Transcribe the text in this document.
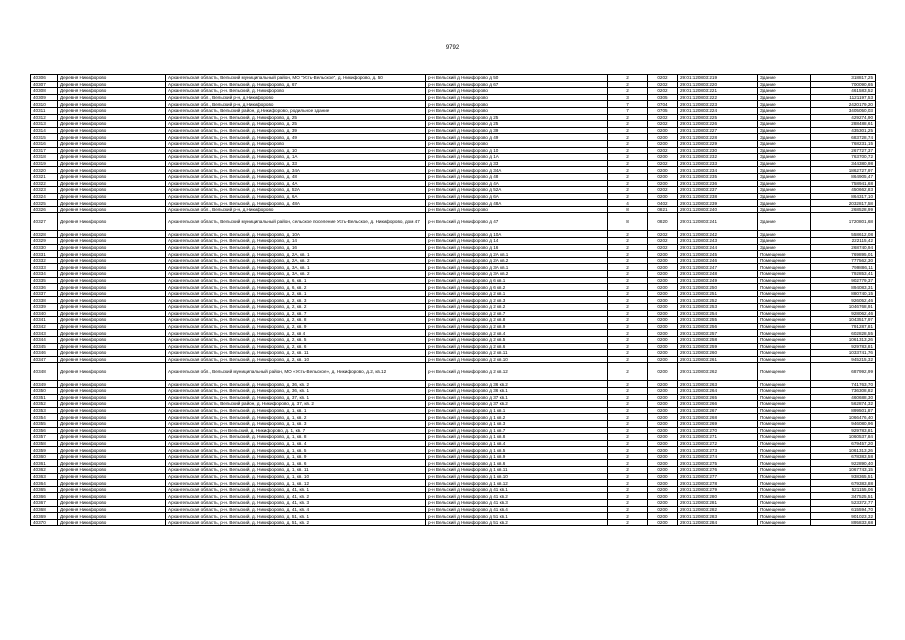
9792
40306	Деревня Никифорово	Архангельская область, Вельский муниципальный район, МО "Усть-Вельское", д. Никифорово, д. 50	р-н Вельский д Никифорово д 50	2	0202	29:01:120803:219	Здание	318817,25
40307	Деревня Никифорово	Архангельская область, р-н. Вельский, д. Никифорово, д. 67	р-н Вельский д Никифорово д 67	2	0202	29:01:120803:220	Здание	700090,65
40308	Деревня Никифорово	Архангельская область, р-н. Вельский, д. Никифорово	р-н Вельский д Никифорово	2	0202	29:01:120803:221	Здание	461583,52
40309	Деревня Никифорово	Архангельская обл., Вельский р-н, д.Никифорово	р-н Вельский д Никифорово	3	0305	29:01:120803:222	Здание	1121197,53
40310	Деревня Никифорово	Архангельская обл., Вельский р-н, д.Никифорово	р-н Вельский д Никифорово	7	0704	29:01:120803:223	Здание	2420179,20
40311	Деревня Никифорово	Архангельская область, Вельский район, д.Никифорово, родильное здание	р-н Вельский д Никифорово	7	0705	29:01:120803:224	Здание	3405050,03
40312	Деревня Никифорово	Архангельская область, р-н. Вельский, д. Никифорово, д. 25	р-н Вельский д Никифорово д 25	2	0202	29:01:120803:225	Здание	429274,90
40313	Деревня Никифорово	Архангельская область, р-н. Вельский, д. Никифорово, д. 25	р-н Вельский д Никифорово д 25	2	0202	29:01:120803:226	Здание	288488,61
40314	Деревня Никифорово	Архангельская область, р-н. Вельский, д. Никифорово, д. 39	р-н Вельский д Никифорово д 39	2	0200	29:01:120803:227	Здание	435301,25
40315	Деревня Никифорово	Архангельская область, р-н. Вельский, д. Никифорово, д. 49	р-н Вельский д Никифорово д 49	2	0200	29:01:120803:228	Здание	683728,74
40316	Деревня Никифорово	Архангельская область, р-н. Вельский, д. Никифорово	р-н Вельский д Никифорово	2	0200	29:01:120803:229	Здание	768231,15
40317	Деревня Никифорово	Архангельская область, р-н. Вельский, д. Никифорово, д. 10	р-н Вельский д Никифорово д 10	2	0202	29:01:120803:230	Здание	267727,37
40318	Деревня Никифорово	Архангельская область, р-н. Вельский, д. Никифорово, д. 1А	р-н Вельский д Никифорово д 1А	2	0200	29:01:120803:232	Здание	763700,72
40319	Деревня Никифорово	Архангельская область, р-н. Вельский, д. Никифорово, д. 33	р-н Вельский д Никифорово д 33	2	0202	29:01:120803:233	Здание	344380,98
40320	Деревня Никифорово	Архангельская область, р-н. Вельский, д. Никифорово, д. 34А	р-н Вельский д Никифорово д 34А	2	0200	29:01:120803:234	Здание	1862727,97
40321	Деревня Никифорово	Архангельская область, р-н. Вельский, д. Никифорово, д. 48	р-н Вельский д Никифорово д 48	2	0200	29:01:120803:235	Здание	864905,47
40322	Деревня Никифорово	Архангельская область, р-н. Вельский, д. Никифорово, д. 4А	р-н Вельский д Никифорово д 4А	2	0200	29:01:120803:236	Здание	758941,68
40323	Деревня Никифорово	Архангельская область, р-н. Вельский, д. Никифорово, д. 52А	р-н Вельский д Никифорово д 52А	2	0202	29:01:120803:237	Здание	450662,83
40324	Деревня Никифорово	Архангельская область, р-н. Вельский, д. Никифорово, д. 6А	р-н Вельский д Никифорово д 6А	2	0200	29:01:120803:238	Здание	864317,10
40325	Деревня Никифорово	Архангельская область, р-н. Вельский, д. Никифорово, д. 48А	р-н Вельский д Никифорово д 48А	4	0402	29:01:120803:239	Здание	2032817,58
40326	Деревня Никифорово	Архангельская обл., Вельский р-н, д.Никифорово	р-н Вельский д Никифорово	8	0821	29:01:120803:240	Здание	268528,99
40327	Деревня Никифорово	Архангельская область, Вельский муниципальный район, сельское поселение Усть-Вельское, д. Никифорово, дом 47	р-н Вельский д Никифорово д 47	8	0820	29:01:120803:241	Здание	1720801,68
40328	Деревня Никифорово	Архангельская область, р-н. Вельский, д. Никифорово, д. 10А	р-н Вельский д Никифорово д 10А	2	0202	29:01:120803:242	Здание	558612,08
40329	Деревня Никифорово	Архангельская область, р-н. Вельский, д. Никифорово, д. 14	р-н Вельский д Никифорово д 14	2	0202	29:01:120803:243	Здание	222115,42
40330	Деревня Никифорово	Архангельская область, р-н. Вельский, д. Никифорово, д. 16	р-н Вельский д Никифорово д 16	2	0202	29:01:120803:244	Здание	268740,94
40331	Деревня Никифорово	Архангельская область, р-н. Вельский, д. Никифорово, д. 2А, кв. 1	р-н Вельский д Никифорово д 2А кв.1	2	0200	29:01:120803:245	Помещение	769895,01
40332	Деревня Никифорово	Архангельская область, р-н. Вельский, д. Никифорово, д. 2А, кв. 2	р-н Вельский д Никифорово д 2А кв.2	2	0200	29:01:120803:246	Помещение	777562,30
40333	Деревня Никифорово	Архангельская область, р-н. Вельский, д. Никифорово, д. 3А, кв. 1	р-н Вельский д Никифорово д 3А кв.1	2	0200	29:01:120803:247	Помещение	799886,11
40334	Деревня Никифорово	Архангельская область, р-н. Вельский, д. Никифорово, д. 3А, кв. 2	р-н Вельский д Никифорово д 3А кв.2	2	0200	29:01:120803:248	Помещение	792853,41
40335	Деревня Никифорово	Архангельская область, р-н. Вельский, д. Никифорово, д. 6, кв. 1	р-н Вельский д Никифорово д 6 кв.1	2	0200	29:01:120803:249	Помещение	902779,37
40336	Деревня Никифорово	Архангельская область, р-н. Вельский, д. Никифорово, д. 6, кв. 2	р-н Вельский д Никифорово д 6 кв.2	2	0200	29:01:120803:250	Помещение	894083,31
40337	Деревня Никифорово	Архангельская область, р-н. Вельский, д. Никифорово, д. 2, кв. 1	р-н Вельский д Никифорово д 2 кв.1	2	0200	29:01:120803:251	Помещение	880740,15
40338	Деревня Никифорово	Архангельская область, р-н. Вельский, д. Никифорово, д. 2, кв. 3	р-н Вельский д Никифорово д 2 кв.3	2	0200	29:01:120803:252	Помещение	926052,46
40339	Деревня Никифорово	Архангельская область, р-н. Вельский, д. Никифорово, д. 2, кв. 2	р-н Вельский д Никифорово д 2 кв.2	2	0200	29:01:120803:253	Помещение	1046768,91
40340	Деревня Никифорово	Архангельская область, р-н. Вельский, д. Никифорово, д. 2, кв. 7	р-н Вельский д Никифорово д 2 кв.7	2	0200	29:01:120803:254	Помещение	928062,46
40341	Деревня Никифорово	Архангельская область, р-н. Вельский, д. Никифорово, д. 2, кв. 8	р-н Вельский д Никифорово д 2 кв.8	2	0200	29:01:120803:255	Помещение	1043517,97
40342	Деревня Никифорово	Архангельская область, р-н. Вельский, д. Никифорово, д. 2, кв. 9	р-н Вельский д Никифорово д 2 кв.9	2	0200	29:01:120803:256	Помещение	791287,81
40343	Деревня Никифорово	Архангельская область, р-н. Вельский, д. Никифорово, д. 2, кв 4	р-н Вельский д Никифорово д 2 кв.4	2	0200	29:01:120803:257	Помещение	602828,55
40344	Деревня Никифорово	Архангельская область, р-н. Вельский, д. Никифорово, д. 2, кв. 5	р-н Вельский д Никифорово д 2 кв.5	2	0200	29:01:120803:258	Помещение	1061313,26
40345	Деревня Никифорово	Архангельская область, р-н. Вельский, д. Никифорово, д. 2, кв. 6	р-н Вельский д Никифорово д 2 кв.6	2	0200	29:01:120803:259	Помещение	929783,81
40346	Деревня Никифорово	Архангельская область, р-н. Вельский, д. Никифорово, д. 2, кв. 11	р-н Вельский д Никифорово д 2 кв.11	2	0200	29:01:120803:260	Помещение	1033741,76
40347	Деревня Никифорово	Архангельская область, р-н. Вельский, д. Никифорово, д. 2, кв. 10	р-н Вельский д Никифорово д 2 кв.10	2	0200	29:01:120803:261	Помещение	945215,32
40348	Деревня Никифорово	Архангельская обл., Вельский муниципальный район, МО «Усть-Вельское», д. Никифорово, д.2, кв.12	р-н Вельский д Никифорово д 2 кв.12	2	0200	29:01:120803:262	Помещение	687992,99
40349	Деревня Никифорово	Архангельская область, р-н. Вельский, д. Никифорово, д. 36, кв. 2	р-н Вельский д Никифорово д 36 кв.2	2	0200	29:01:120803:263	Помещение	741763,70
40350	Деревня Никифорово	Архангельская область, р-н. Вельский, д. Никифорово, д. 36, кв. 1	р-н Вельский д Никифорово д 36 кв.1	2	0200	29:01:120803:264	Помещение	736308,82
40351	Деревня Никифорово	Архангельская область, р-н. Вельский, д. Никифорово, д. 37, кв. 1	р-н Вельский д Никифорово д 37 кв.1	2	0200	29:01:120803:265	Помещение	460688,30
40352	Деревня Никифорово	Архангельская область, Вельский район, д. Никифорово, д. 37, кв. 2	р-н Вельский д Никифорово д 37 кв.2	2	0200	29:01:120803:266	Помещение	562874,32
40353	Деревня Никифорово	Архангельская область, р-н. Вельский, д. Никифорово, д. 1, кв. 1	р-н Вельский д Никифорово д 1 кв.1	2	0200	29:01:120803:267	Помещение	899501,87
40354	Деревня Никифорово	Архангельская область, р-н. Вельский, д. Никифорово, д. 1, кв. 2	р-н Вельский д Никифорово д 1 кв.2	2	0200	29:01:120803:268	Помещение	1066476,40
40355	Деревня Никифорово	Архангельская область, р-н. Вельский, д. Никифорово, д. 1, кв. 3	р-н Вельский д Никифорово д 1 кв.3	2	0200	29:01:120803:269	Помещение	946080,96
40356	Деревня Никифорово	Архангельская область, р-н Вельский, д. Никифорово, д. 1, кв. 7	р-н Вельский д Никифорово д 1 кв.7	2	0200	29:01:120803:270	Помещение	929783,81
40357	Деревня Никифорово	Архангельская область, р-н. Вельский, д. Никифорово, д. 1, кв. 8	р-н Вельский д Никифорово д 1 кв.8	2	0200	29:01:120803:271	Помещение	1060537,84
40358	Деревня Никифорово	Архангельская область, р-н. Вельский, д. Никифорово, д. 1, кв. 4	р-н Вельский д Никифорово д 1 кв.4	2	0200	29:01:120803:272	Помещение	679457,20
40359	Деревня Никифорово	Архангельская область, р-н. Вельский, д. Никифорово, д. 1, кв. 5	р-н Вельский д Никифорово д 1 кв.5	2	0200	29:01:120803:273	Помещение	1061313,26
40360	Деревня Никифорово	Архангельская область, р-н. Вельский, д. Никифорово, д. 1, кв. 9	р-н Вельский д Никифорово д 1 кв.9	2	0200	29:01:120803:274	Помещение	678383,58
40361	Деревня Никифорово	Архангельская область, р-н. Вельский, д. Никифорово, д. 1, кв. 6	р-н Вельский д Никифорово д 1 кв.6	2	0200	29:01:120803:275	Помещение	922890,40
40362	Деревня Никифорово	Архангельская область, р-н. Вельский, д. Никифорово, д. 1, кв. 11	р-н Вельский д Никифорово д 1 кв.11	2	0200	29:01:120803:276	Помещение	1067743,15
40363	Деревня Никифорово	Архангельская область, р-н. Вельский, д. Никифорово, д. 1, кв. 10	р-н Вельский д Никифорово д 1 кв.10	2	0200	29:01:120803:277	Помещение	938365,51
40364	Деревня Никифорово	Архангельская область, р-н. Вельский, д. Никифорово, д. 1, кв. 12	р-н Вельский д Никифорово д 1 кв.12	2	0200	29:01:120803:278	Помещение	679383,88
40365	Деревня Никифорово	Архангельская область, р-н. Вельский, д. Никифорово, д. 41, кв. 1	р-н Вельский д Никифорово д 41 кв.1	2	0200	29:01:120803:279	Помещение	521155,06
40366	Деревня Никифорово	Архангельская область, р-н. Вельский, д. Никифорово, д. 41, кв. 2	р-н Вельский д Никифорово д 41 кв.2	2	0200	29:01:120803:280	Помещение	347525,51
40367	Деревня Никифорово	Архангельская область, р-н. Вельский, д. Никифорово, д. 41, кв. 3	р-н Вельский д Никифорово д 41 кв.3	2	0200	29:01:120803:281	Помещение	523372,77
40368	Деревня Никифорово	Архангельская область, р-н. Вельский, д. Никифорово, д. 41, кв. 4	р-н Вельский д Никифорово д 41 кв.4	2	0200	29:01:120803:282	Помещение	615594,70
40369	Деревня Никифорово	Архангельская область, р-н. Вельский, д. Никифорово, д. 51, кв. 1	р-н Вельский д Никифорово д 51 кв.1	2	0200	29:01:120803:283	Помещение	901023,32
40370	Деревня Никифорово	Архангельская область, р-н. Вельский, д. Никифорово, д. 51, кв. 2	р-н Вельский д Никифорово д 51 кв.2	2	0200	29:01:120803:284	Помещение	895833,68
